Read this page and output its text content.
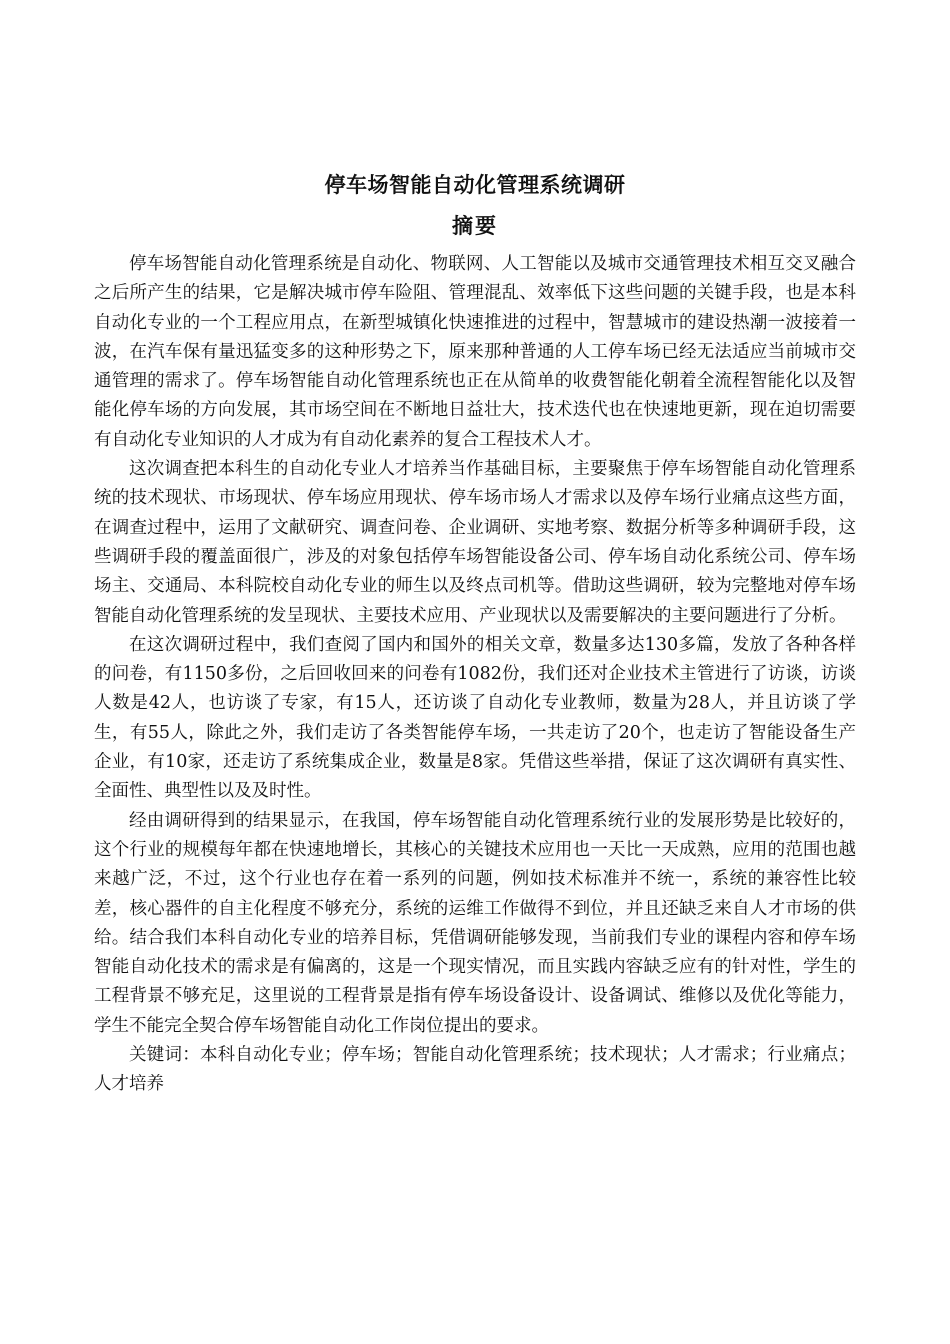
停车场智能自动化管理系统调研
摘要

停车场智能自动化管理系统是自动化、物联网、人工智能以及城市交通管理技术相互交叉融合之后所产生的结果，它是解决城市停车险阻、管理混乱、效率低下这些问题的关键手段，也是本科自动化专业的一个工程应用点，在新型城镇化快速推进的过程中，智慧城市的建设热潮一波接着一波，在汽车保有量迅猛变多的这种形势之下，原来那种普通的人工停车场已经无法适应当前城市交通管理的需求了。停车场智能自动化管理系统也正在从简单的收费智能化朝着全流程智能化以及智能化停车场的方向发展，其市场空间在不断地日益壮大，技术迭代也在快速地更新，现在迫切需要有自动化专业知识的人才成为有自动化素养的复合工程技术人才。

这次调查把本科生的自动化专业人才培养当作基础目标，主要聚焦于停车场智能自动化管理系统的技术现状、市场现状、停车场应用现状、停车场市场人才需求以及停车场行业痛点这些方面，在调查过程中，运用了文献研究、调查问卷、企业调研、实地考察、数据分析等多种调研手段，这些调研手段的覆盖面很广，涉及的对象包括停车场智能设备公司、停车场自动化系统公司、停车场场主、交通局、本科院校自动化专业的师生以及终点司机等。借助这些调研，较为完整地对停车场智能自动化管理系统的发呈现状、主要技术应用、产业现状以及需要解决的主要问题进行了分析。

在这次调研过程中，我们查阅了国内和国外的相关文章，数量多达130多篇，发放了各种各样的问卷，有1150多份，之后回收回来的问卷有1082份，我们还对企业技术主管进行了访谈，访谈人数是42人，也访谈了专家，有15人，还访谈了自动化专业教师，数量为28人，并且访谈了学生，有55人，除此之外，我们走访了各类智能停车场，一共走访了20个，也走访了智能设备生产企业，有10家，还走访了系统集成企业，数量是8家。凭借这些举措，保证了这次调研有真实性、全面性、典型性以及及时性。

经由调研得到的结果显示，在我国，停车场智能自动化管理系统行业的发展形势是比较好的，这个行业的规模每年都在快速地增长，其核心的关键技术应用也一天比一天成熟，应用的范围也越来越广泛，不过，这个行业也存在着一系列的问题，例如技术标准并不统一，系统的兼容性比较差，核心器件的自主化程度不够充分，系统的运维工作做得不到位，并且还缺乏来自人才市场的供给。结合我们本科自动化专业的培养目标，凭借调研能够发现，当前我们专业的课程内容和停车场智能自动化技术的需求是有偏离的，这是一个现实情况，而且实践内容缺乏应有的针对性，学生的工程背景不够充足，这里说的工程背景是指有停车场设备设计、设备调试、维修以及优化等能力，学生不能完全契合停车场智能自动化工作岗位提出的要求。

关键词：本科自动化专业；停车场；智能自动化管理系统；技术现状；人才需求；行业痛点；人才培养
